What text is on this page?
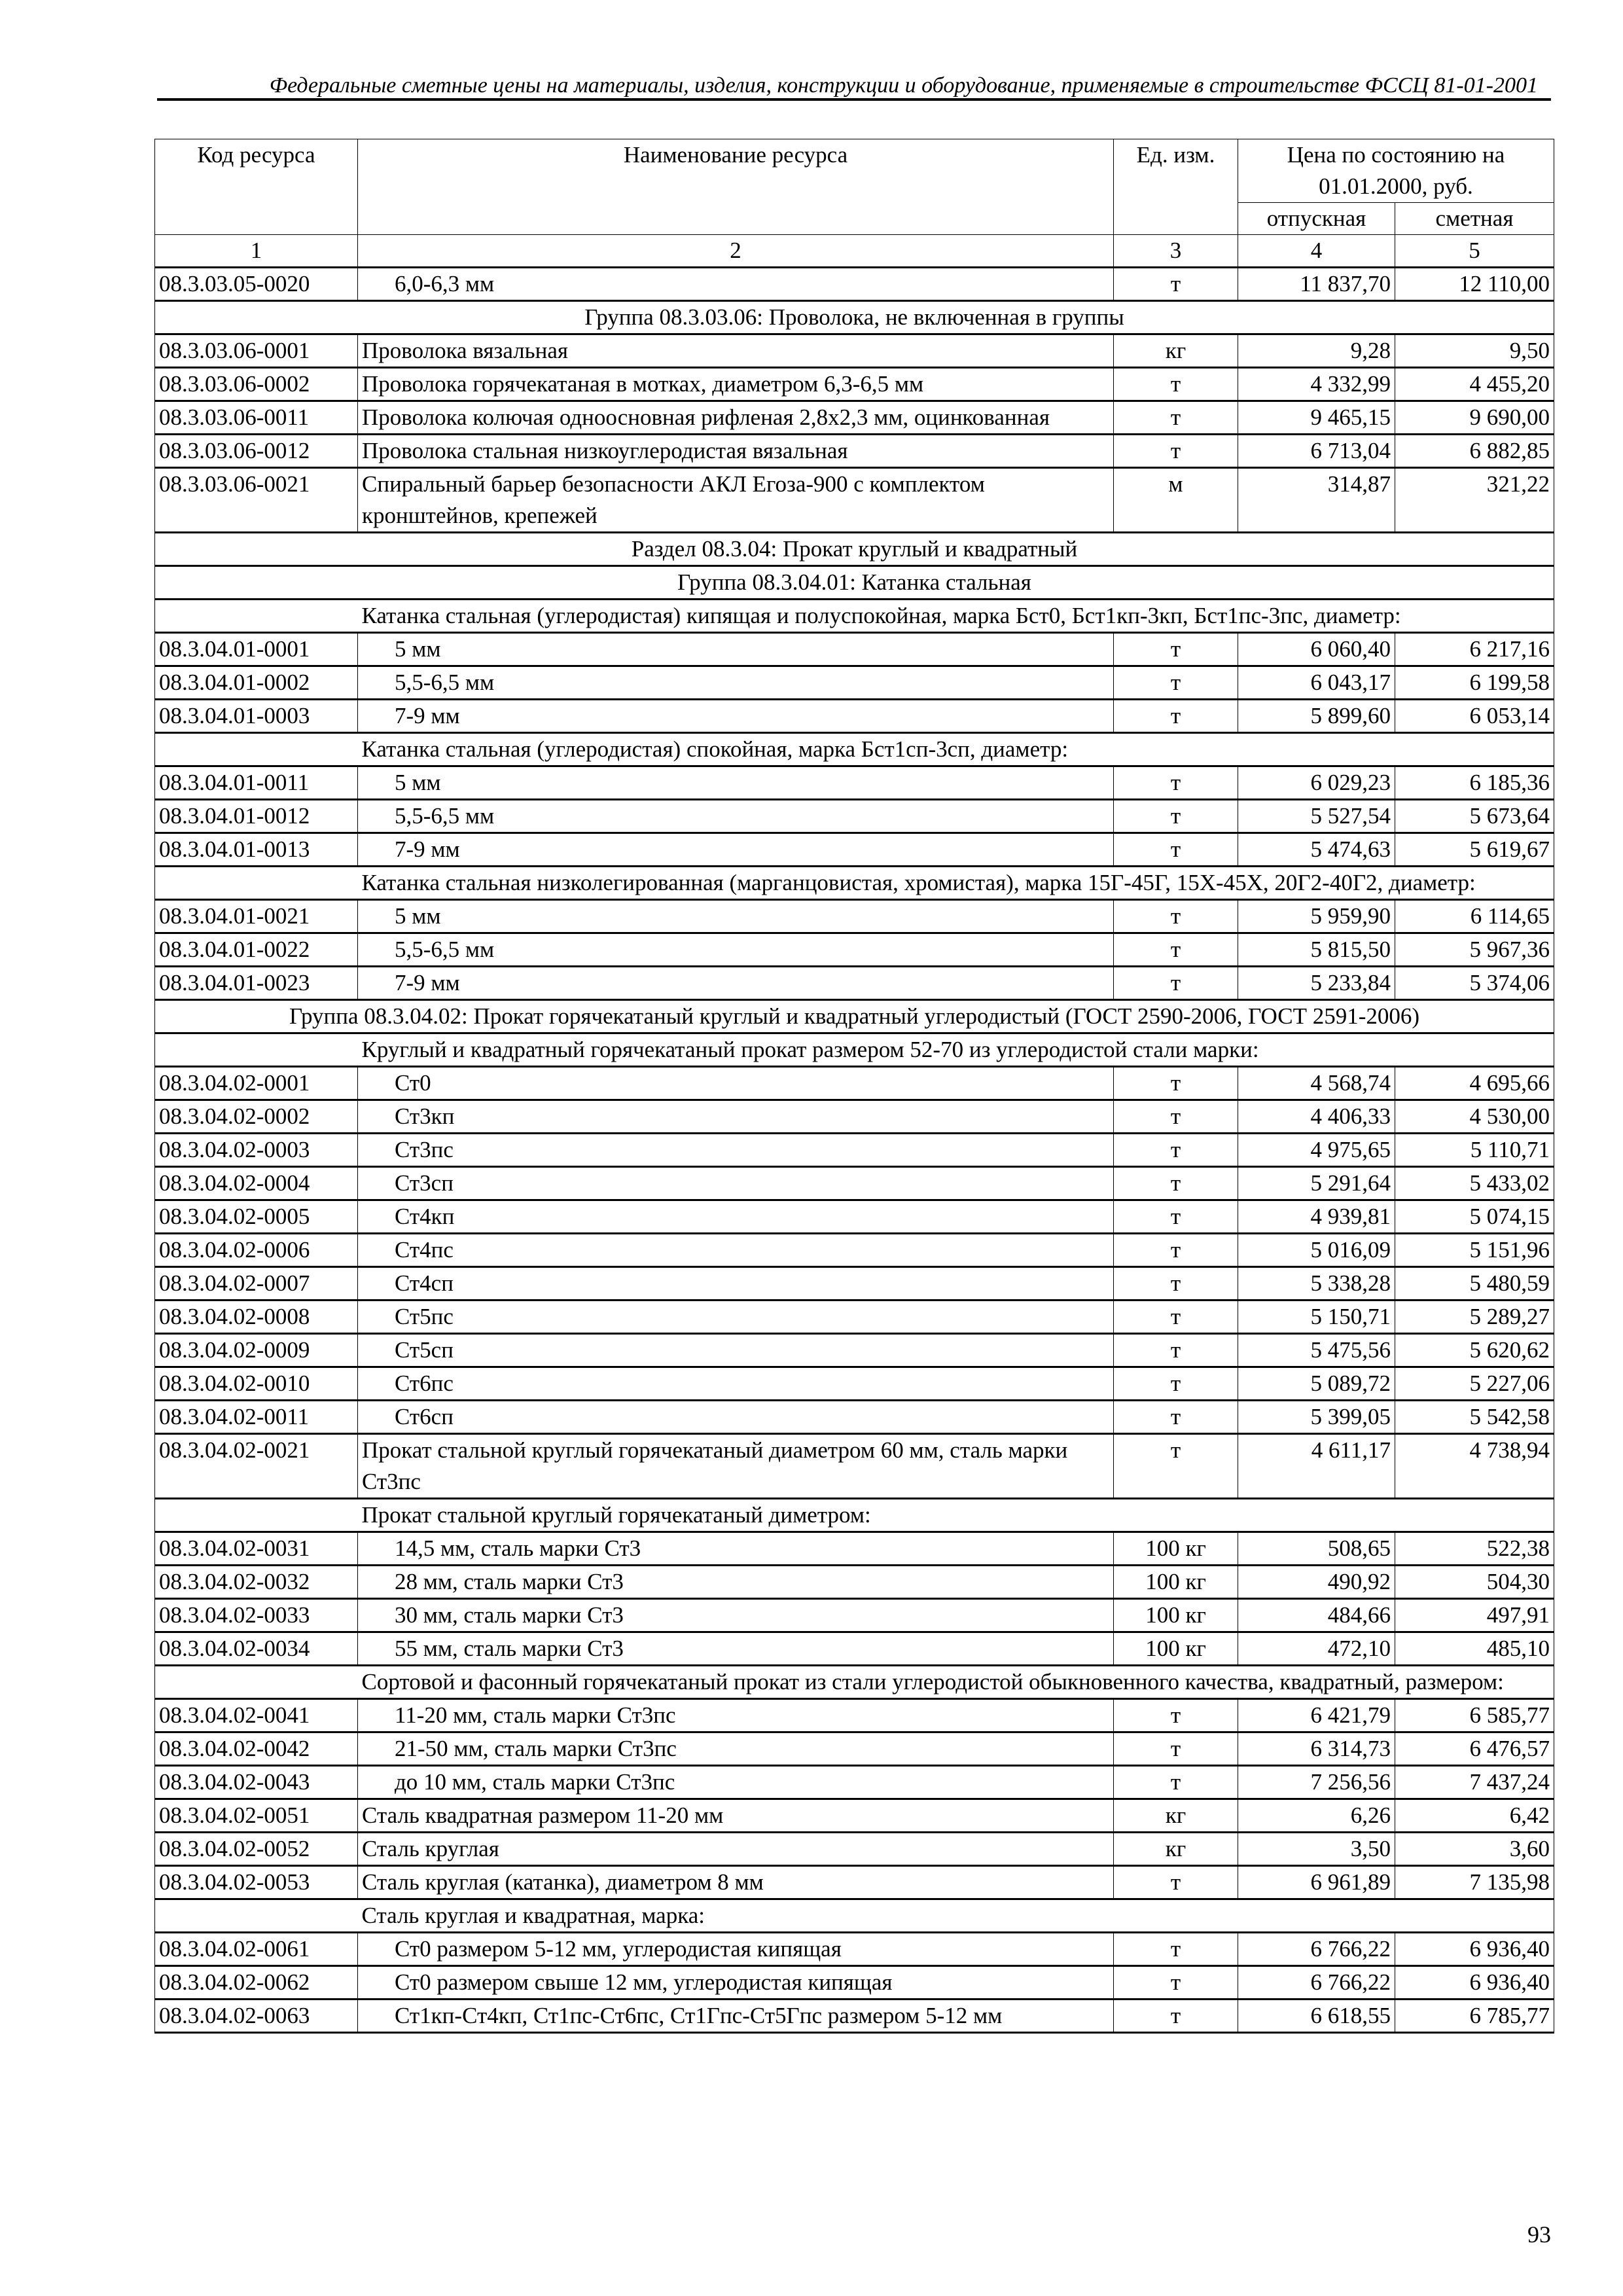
Федеральные сметные цены на материалы, изделия, конструкции и оборудование, применяемые в строительстве ФССЦ 81-01-2001
Код ресурса	Наименование ресурса	Ед. изм.	Цена по состоянию на 01.01.2000, руб.	
			отпускная	сметная
1	2	3	4	5
08.3.03.05-0020	6,0-6,3 мм	т	11 837,70	12 110,00
Группа 08.3.03.06: Проволока, не включенная в группы				
08.3.03.06-0001	Проволока вязальная	кг	9,28	9,50
08.3.03.06-0002	Проволока горячекатаная в мотках, диаметром 6,3-6,5 мм	т	4 332,99	4 455,20
08.3.03.06-0011	Проволока колючая одноосновная рифленая 2,8х2,3 мм, оцинкованная	т	9 465,15	9 690,00
08.3.03.06-0012	Проволока стальная низкоуглеродистая вязальная	т	6 713,04	6 882,85
08.3.03.06-0021	Спиральный барьер безопасности АКЛ Егоза-900 с комплектом кронштейнов, крепежей	м	314,87	321,22
Раздел 08.3.04: Прокат круглый и квадратный				
Группа 08.3.04.01: Катанка стальная				
	Катанка стальная (углеродистая) кипящая и полуспокойная, марка Бст0, Бст1кп-3кп, Бст1пс-3пс, диаметр:			
08.3.04.01-0001	5 мм	т	6 060,40	6 217,16
08.3.04.01-0002	5,5-6,5 мм	т	6 043,17	6 199,58
08.3.04.01-0003	7-9 мм	т	5 899,60	6 053,14
	Катанка стальная (углеродистая) спокойная, марка Бст1сп-3сп, диаметр:			
08.3.04.01-0011	5 мм	т	6 029,23	6 185,36
08.3.04.01-0012	5,5-6,5 мм	т	5 527,54	5 673,64
08.3.04.01-0013	7-9 мм	т	5 474,63	5 619,67
	Катанка стальная низколегированная (марганцовистая, хромистая), марка 15Г-45Г, 15Х-45Х, 20Г2-40Г2, диаметр:			
08.3.04.01-0021	5 мм	т	5 959,90	6 114,65
08.3.04.01-0022	5,5-6,5 мм	т	5 815,50	5 967,36
08.3.04.01-0023	7-9 мм	т	5 233,84	5 374,06
Группа 08.3.04.02: Прокат горячекатаный круглый и квадратный углеродистый (ГОСТ 2590-2006, ГОСТ 2591-2006)				
	Круглый и квадратный горячекатаный прокат размером 52-70 из углеродистой стали марки:			
08.3.04.02-0001	Ст0	т	4 568,74	4 695,66
08.3.04.02-0002	Ст3кп	т	4 406,33	4 530,00
08.3.04.02-0003	Ст3пс	т	4 975,65	5 110,71
08.3.04.02-0004	Ст3сп	т	5 291,64	5 433,02
08.3.04.02-0005	Ст4кп	т	4 939,81	5 074,15
08.3.04.02-0006	Ст4пс	т	5 016,09	5 151,96
08.3.04.02-0007	Ст4сп	т	5 338,28	5 480,59
08.3.04.02-0008	Ст5пс	т	5 150,71	5 289,27
08.3.04.02-0009	Ст5сп	т	5 475,56	5 620,62
08.3.04.02-0010	Ст6пс	т	5 089,72	5 227,06
08.3.04.02-0011	Ст6сп	т	5 399,05	5 542,58
08.3.04.02-0021	Прокат стальной круглый горячекатаный диаметром 60 мм, сталь марки Ст3пс	т	4 611,17	4 738,94
	Прокат стальной круглый горячекатаный диметром:			
08.3.04.02-0031	14,5 мм, сталь марки Ст3	100 кг	508,65	522,38
08.3.04.02-0032	28 мм, сталь марки Ст3	100 кг	490,92	504,30
08.3.04.02-0033	30 мм, сталь марки Ст3	100 кг	484,66	497,91
08.3.04.02-0034	55 мм, сталь марки Ст3	100 кг	472,10	485,10
	Сортовой и фасонный горячекатаный прокат из стали углеродистой обыкновенного качества, квадратный, размером:			
08.3.04.02-0041	11-20 мм, сталь марки Ст3пс	т	6 421,79	6 585,77
08.3.04.02-0042	21-50 мм, сталь марки Ст3пс	т	6 314,73	6 476,57
08.3.04.02-0043	до 10 мм, сталь марки Ст3пс	т	7 256,56	7 437,24
08.3.04.02-0051	Сталь квадратная размером 11-20 мм	кг	6,26	6,42
08.3.04.02-0052	Сталь круглая	кг	3,50	3,60
08.3.04.02-0053	Сталь круглая (катанка), диаметром 8 мм	т	6 961,89	7 135,98
	Сталь круглая и квадратная, марка:			
08.3.04.02-0061	Ст0 размером 5-12 мм, углеродистая кипящая	т	6 766,22	6 936,40
08.3.04.02-0062	Ст0 размером свыше 12 мм, углеродистая кипящая	т	6 766,22	6 936,40
08.3.04.02-0063	Ст1кп-Ст4кп, Ст1пс-Ст6пс, Ст1Гпс-Ст5Гпс размером 5-12 мм	т	6 618,55	6 785,77
93
